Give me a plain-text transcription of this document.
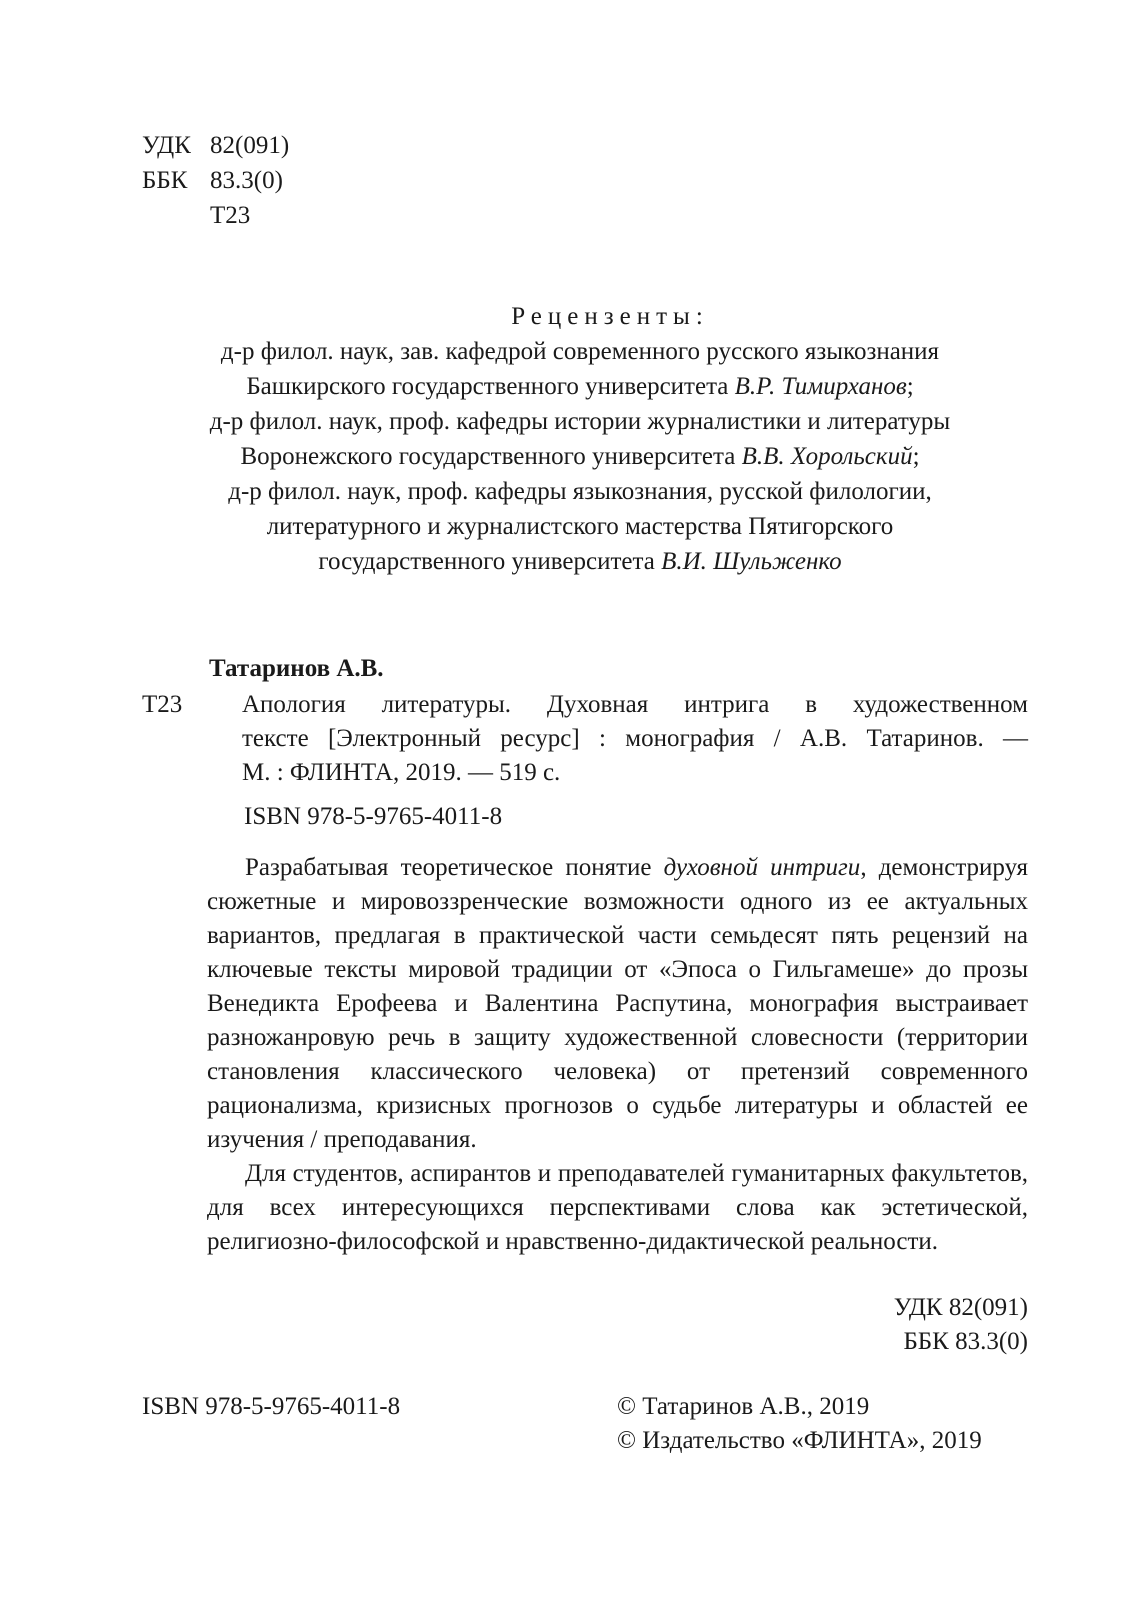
УДК 82(091)
ББК 83.3(0)
Т23
Рецензенты:
д-р филол. наук, зав. кафедрой современного русского языкознания
Башкирского государственного университета В.Р. Тимирханов;
д-р филол. наук, проф. кафедры истории журналистики и литературы
Воронежского государственного университета В.В. Хорольский;
д-р филол. наук, проф. кафедры языкознания, русской филологии,
литературного и журналистского мастерства Пятигорского
государственного университета В.И. Шульженко
Татаринов А.В.
Т23 Апология литературы. Духовная интрига в художественном
тексте [Электронный ресурс] : монография / А.В. Татаринов. —
М. : ФЛИНТА, 2019. — 519 с.
ISBN 978-5-9765-4011-8

Разрабатывая теоретическое понятие духовной интриги, демонстрируя сюжетные и мировоззренческие возможности одного из ее актуальных вариантов, предлагая в практической части семьдесят пять рецензий на ключевые тексты мировой традиции от «Эпоса о Гильгамеше» до прозы Венедикта Ерофеева и Валентина Распутина, монография выстраивает разножанровую речь в защиту художественной словесности (территории становления классического человека) от претензий современного рационализма, кризисных прогнозов о судьбе литературы и областей ее изучения / преподавания.

Для студентов, аспирантов и преподавателей гуманитарных факультетов, для всех интересующихся перспективами слова как эстетической, религиозно-философской и нравственно-дидактической реальности.

УДК 82(091)
ББК 83.3(0)
ISBN 978-5-9765-4011-8	© Татаринов А.В., 2019
© Издательство «ФЛИНТА», 2019
